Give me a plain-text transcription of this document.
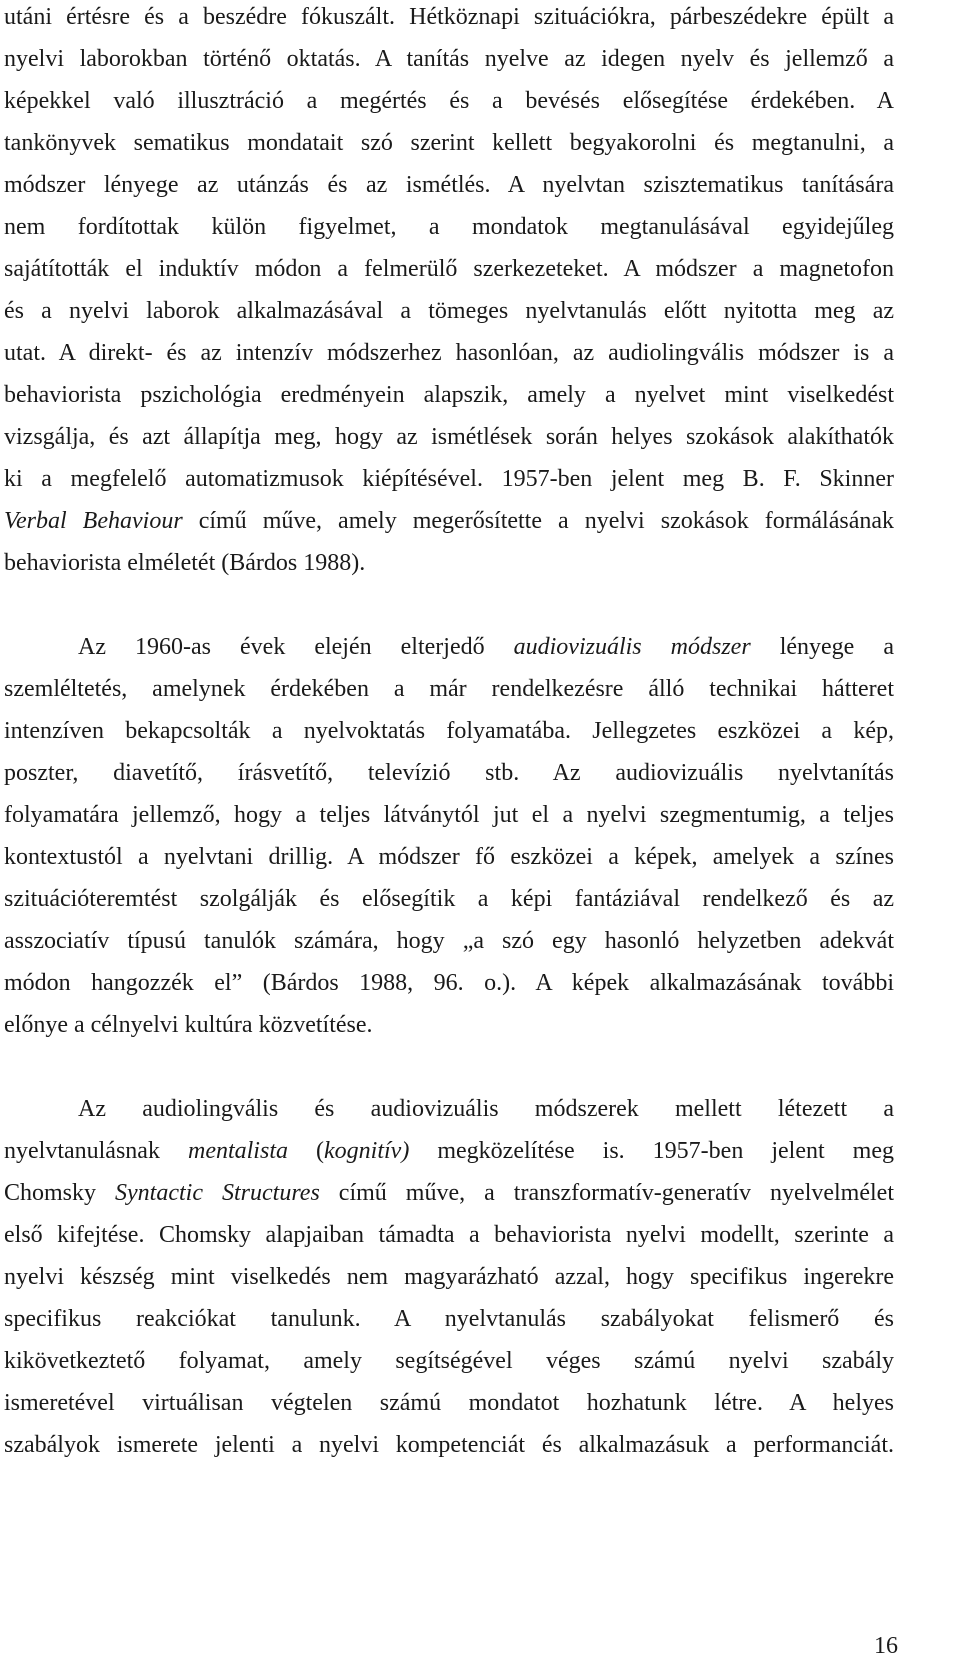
utáni értésre és a beszédre fókuszált. Hétköznapi szituációkra, párbeszédekre épült a
nyelvi laborokban történő oktatás. A tanítás nyelve az idegen nyelv és jellemző a
képekkel való illusztráció a megértés és a bevésés elősegítése érdekében. A
tankönyvek sematikus mondatait szó szerint kellett begyakorolni és megtanulni, a
módszer lényege az utánzás és az ismétlés. A nyelvtan szisztematikus tanítására
nem fordítottak külön figyelmet, a mondatok megtanulásával egyidejűleg
sajátították el induktív módon a felmerülő szerkezeteket. A módszer a magnetofon
és a nyelvi laborok alkalmazásával a tömeges nyelvtanulás előtt nyitotta meg az
utat. A direkt- és az intenzív módszerhez hasonlóan, az audiolingvális módszer is a
behaviorista pszichológia eredményein alapszik, amely a nyelvet mint viselkedést
vizsgálja, és azt állapítja meg, hogy az ismétlések során helyes szokások alakíthatók
ki a megfelelő automatizmusok kiépítésével. 1957-ben jelent meg B. F. Skinner
Verbal Behaviour című műve, amely megerősítette a nyelvi szokások formálásának
behaviorista elméletét (Bárdos 1988).
Az 1960-as évek elején elterjedő audiovizuális módszer lényege a
szemléltetés, amelynek érdekében a már rendelkezésre álló technikai hátteret
intenzíven bekapcsolták a nyelvoktatás folyamatába. Jellegzetes eszközei a kép,
poszter, diavetítő, írásvetítő, televízió stb. Az audiovizuális nyelvtanítás
folyamatára jellemző, hogy a teljes látványtól jut el a nyelvi szegmentumig, a teljes
kontextustól a nyelvtani drillig. A módszer fő eszközei a képek, amelyek a színes
szituációteremtést szolgálják és elősegítik a képi fantáziával rendelkező és az
asszociatív típusú tanulók számára, hogy „a szó egy hasonló helyzetben adekvát
módon hangozzék el” (Bárdos 1988, 96. o.). A képek alkalmazásának további
előnye a célnyelvi kultúra közvetítése.
Az audiolingvális és audiovizuális módszerek mellett létezett a
nyelvtanulásnak mentalista (kognitív) megközelítése is. 1957-ben jelent meg
Chomsky Syntactic Structures című műve, a transzformatív-generatív nyelvelmélet
első kifejtése. Chomsky alapjaiban támadta a behaviorista nyelvi modellt, szerinte a
nyelvi készség mint viselkedés nem magyarázható azzal, hogy specifikus ingerekre
specifikus reakciókat tanulunk. A nyelvtanulás szabályokat felismerő és
kikövetkeztető folyamat, amely segítségével véges számú nyelvi szabály
ismeretével virtuálisan végtelen számú mondatot hozhatunk létre. A helyes
szabályok ismerete jelenti a nyelvi kompetenciát és alkalmazásuk a performanciát.
16
